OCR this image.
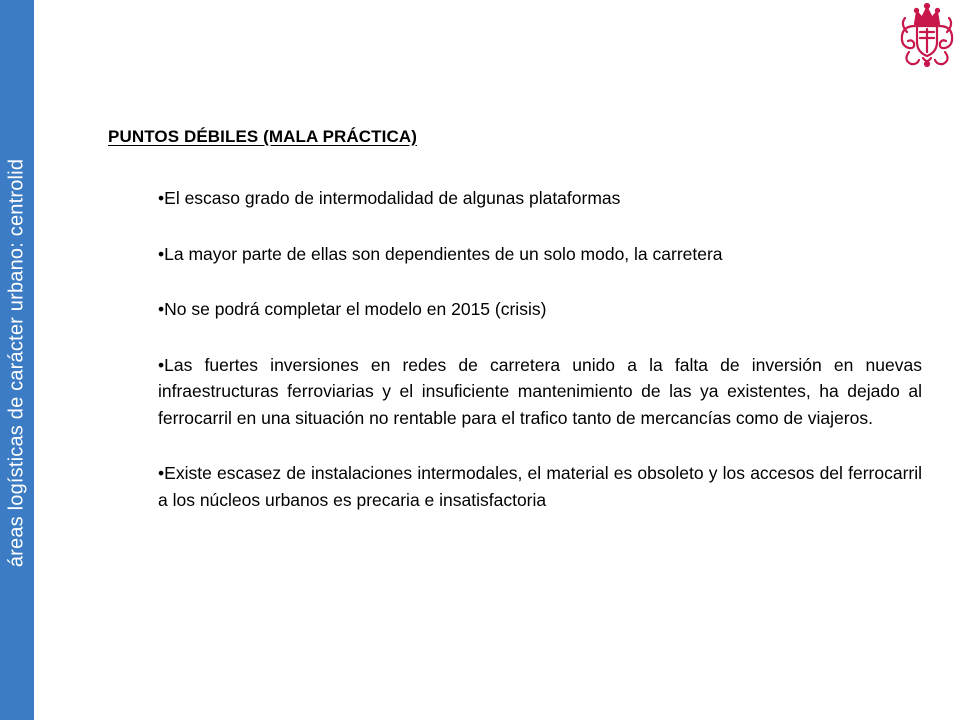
áreas logísticas de carácter urbano: centrolid
PUNTOS DÉBILES (MALA PRÁCTICA)
• El escaso grado de intermodalidad de algunas plataformas
• La mayor parte de ellas son dependientes de un solo modo, la carretera
• No se podrá completar el modelo en 2015 (crisis)
• Las fuertes inversiones en redes de carretera unido a la falta de inversión en nuevas infraestructuras ferroviarias y el insuficiente mantenimiento de las ya existentes, ha dejado al ferrocarril en una situación no rentable para el trafico tanto de mercancías como de viajeros.
• Existe escasez de instalaciones intermodales, el material es obsoleto y los accesos del ferrocarril a los núcleos urbanos es precaria e insatisfactoria
